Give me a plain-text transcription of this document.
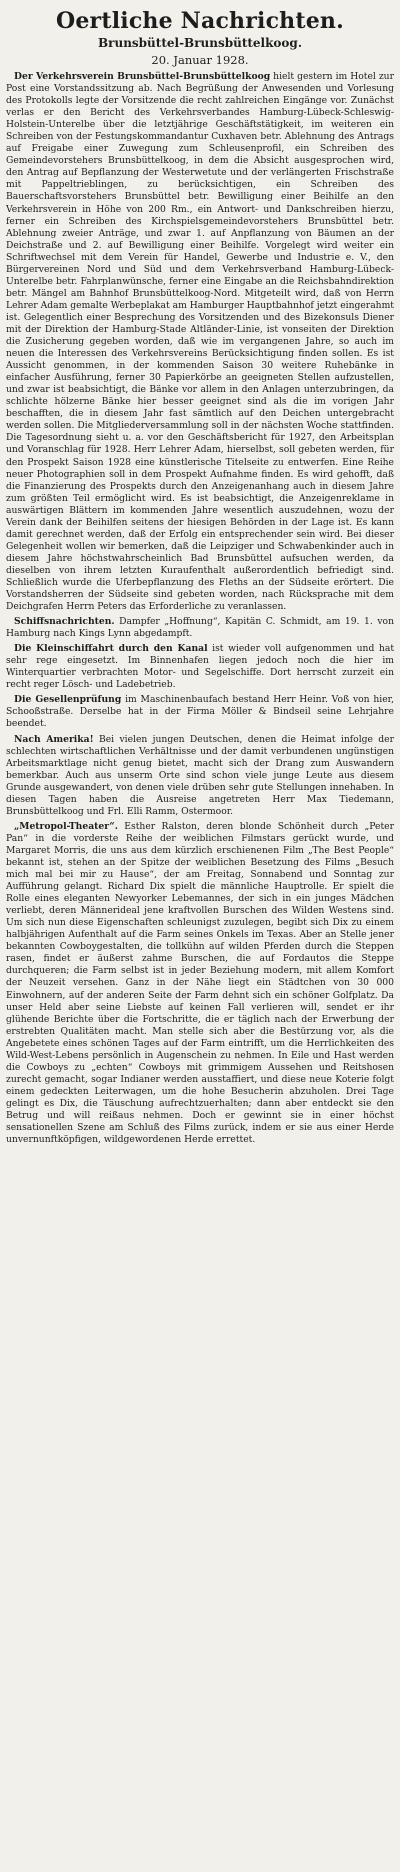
Oertliche Nachrichten.
Brunsbüttel-Brunsbüttelkoog.
20. Januar 1928.

Der Verkehrsverein Brunsbüttel-Brunsbüttelkoog hielt gestern im Hotel zur Post eine Vorstandssitzung ab. Nach Begrüßung der Anwesenden und Vorlesung des Protokolls legte der Vorsitzende die recht zahlreichen Eingänge vor. Zunächst verlas er den Bericht des Verkehrsverbandes Hamburg-Lübeck-Schleswig-Holstein-Unterelbe über die letztjährige Geschäftstätigkeit, im weiteren ein Schreiben von der Festungskommandantur Cuxhaven betr. Ablehnung des Antrags auf Freigabe einer Zuwegung zum Schleusenprofil, ein Schreiben des Gemeindevorstehers Brunsbüttelkoog, in dem die Absicht ausgesprochen wird, den Antrag auf Bepflanzung der Westerwetute und der verlängerten Frischstraße mit Pappeltrieblingen, zu berücksichtigen, ein Schreiben des Bauerschaftsvorstehers Brunsbüttel betr. Bewilligung einer Beihilfe an den Verkehrsverein in Höhe von 200 Rm., ein Antwort- und Dankschreiben hierzu, ferner ein Schreiben des Kirchspielsgemeindevorstehers Brunsbüttel betr. Ablehnung zweier Anträge, und zwar 1. auf Anpflanzung von Bäumen an der Deichstraße und 2. auf Bewilligung einer Beihilfe. Vorgelegt wird weiter ein Schriftwechsel mit dem Verein für Handel, Gewerbe und Industrie e. V., den Bürgervereinen Nord und Süd und dem Verkehrsverband Hamburg-Lübeck-Unterelbe betr. Fahrplanwünsche, ferner eine Eingabe an die Reichsbahndirektion betr. Mängel am Bahnhof Brunsbüttelkoog-Nord. Mitgeteilt wird, daß von Herrn Lehrer Adam gemalte Werbeplakat am Hamburger Hauptbahnhof jetzt eingerahmt ist. Gelegentlich einer Besprechung des Vorsitzenden und des Bizekonsuls Diener mit der Direktion der Hamburg-Stade Altländer-Linie, ist vonseiten der Direktion die Zusicherung gegeben worden, daß wie im vergangenen Jahre, so auch im neuen die Interessen des Verkehrsvereins Berücksichtigung finden sollen. Es ist Aussicht genommen, in der kommenden Saison 30 weitere Ruhebänke in einfacher Ausführung, ferner 30 Papierkörbe an geeigneten Stellen aufzustellen, und zwar ist beabsichtigt, die Bänke vor allem in den Anlagen unterzubringen, da schlichte hölzerne Bänke hier besser geeignet sind als die im vorigen Jahr beschafften, die in diesem Jahr fast sämtlich auf den Deichen untergebracht werden sollen. Die Mitgliederversammlung soll in der nächsten Woche stattfinden. Die Tagesordnung sieht u. a. vor den Geschäftsbericht für 1927, den Arbeitsplan und Voranschlag für 1928. Herr Lehrer Adam, hierselbst, soll gebeten werden, für den Prospekt Saison 1928 eine künstlerische Titelseite zu entwerfen. Eine Reihe neuer Photographien soll in dem Prospekt Aufnahme finden. Es wird gehofft, daß die Finanzierung des Prospekts durch den Anzeigenanhang auch in diesem Jahre zum größten Teil ermöglicht wird. Es ist beabsichtigt, die Anzeigenreklame in auswärtigen Blättern im kommenden Jahre wesentlich auszudehnen, wozu der Verein dank der Beihilfen seitens der hiesigen Behörden in der Lage ist. Es kann damit gerechnet werden, daß der Erfolg ein entsprechender sein wird. Bei dieser Gelegenheit wollen wir bemerken, daß die Leipziger und Schwabenkinder auch in diesem Jahre höchstwahrscheinlich Bad Brunsbüttel aufsuchen werden, da dieselben von ihrem letzten Kuraufenthalt außerordentlich befriedigt sind. Schließlich wurde die Uferbepflanzung des Fleths an der Südseite erörtert. Die Vorstandsherren der Südseite sind gebeten worden, nach Rücksprache mit dem Deichgrafen Herrn Peters das Erforderliche zu veranlassen.

Schiffsnachrichten. Dampfer „Hoffnung“, Kapitän C. Schmidt, am 19. 1. von Hamburg nach Kings Lynn abgedampft.

Die Kleinschiffahrt durch den Kanal ist wieder voll aufgenommen und hat sehr rege eingesetzt. Im Binnenhafen liegen jedoch noch die hier im Winterquartier verbrachten Motor- und Segelschiffe. Dort herrscht zurzeit ein recht reger Lösch- und Ladebetrieb.

Die Gesellenprüfung im Maschinenbaufach bestand Herr Heinr. Voß von hier, Schooßstraße. Derselbe hat in der Firma Möller & Bindseil seine Lehrjahre beendet.

Nach Amerika! Bei vielen jungen Deutschen, denen die Heimat infolge der schlechten wirtschaftlichen Verhältnisse und der damit verbundenen ungünstigen Arbeitsmarktlage nicht genug bietet, macht sich der Drang zum Auswandern bemerkbar. Auch aus unserm Orte sind schon viele junge Leute aus diesem Grunde ausgewandert, von denen viele drüben sehr gute Stellungen innehaben. In diesen Tagen haben die Ausreise angetreten Herr Max Tiedemann, Brunsbüttelkoog und Frl. Elli Ramm, Ostermoor.

„Metropol-Theater“. Esther Ralston, deren blonde Schönheit durch „Peter Pan“ in die vorderste Reihe der weiblichen Filmstars gerückt wurde, und Margaret Morris, die uns aus dem kürzlich erschienenen Film „The Best People“ bekannt ist, stehen an der Spitze der weiblichen Besetzung des Films „Besuch mich mal bei mir zu Hause“, der am Freitag, Sonnabend und Sonntag zur Aufführung gelangt. Richard Dix spielt die männliche Hauptrolle. Er spielt die Rolle eines eleganten Newyorker Lebemannes, der sich in ein junges Mädchen verliebt, deren Männerideal jene kraftvollen Burschen des Wilden Westens sind. Um sich nun diese Eigenschaften schleunigst zuzulegen, begibt sich Dix zu einem halbjährigen Aufenthalt auf die Farm seines Onkels im Texas. Aber an Stelle jener bekannten Cowboygestalten, die tollkühn auf wilden Pferden durch die Steppen rasen, findet er äußerst zahme Burschen, die auf Fordautos die Steppe durchqueren; die Farm selbst ist in jeder Beziehung modern, mit allem Komfort der Neuzeit versehen. Ganz in der Nähe liegt ein Städtchen von 30 000 Einwohnern, auf der anderen Seite der Farm dehnt sich ein schöner Golfplatz. Da unser Held aber seine Liebste auf keinen Fall verlieren will, sendet er ihr glühende Berichte über die Fortschritte, die er täglich nach der Erwerbung der erstrebten Qualitäten macht. Man stelle sich aber die Bestürzung vor, als die Angebetete eines schönen Tages auf der Farm eintrifft, um die Herrlichkeiten des Wild-West-Lebens persönlich in Augenschein zu nehmen. In Eile und Hast werden die Cowboys zu „echten“ Cowboys mit grimmigem Aussehen und Reitshosen zurecht gemacht, sogar Indianer werden ausstaffiert, und diese neue Koterie folgt einem gedeckten Leiterwagen, um die hohe Besucherin abzuholen. Drei Tage gelingt es Dix, die Täuschung aufrechtzuerhalten; dann aber entdeckt sie den Betrug und will reißaus nehmen. Doch er gewinnt sie in einer höchst sensationellen Szene am Schluß des Films zurück, indem er sie aus einer Herde unvernunftköpfigen, wildgewordenen Herde errettet.
